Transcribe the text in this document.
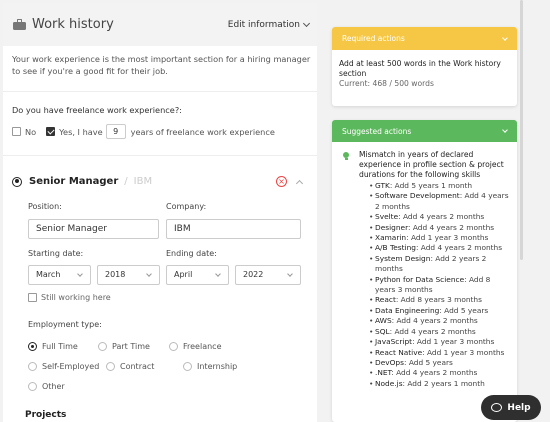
Work history	Edit information
Your work experience is the most important section for a hiring manager to see if you're a good fit for their job.
Do you have freelance work experience?:
No	Yes, I have	9	years of freelance work experience
Senior Manager / IBM	×
Position:	Company:
Senior Manager	IBM
Starting date:	Ending date:
March	2018	April	2022
Still working here
Employment type:
Full Time	Part Time	Freelance
Self-Employed	Contract	Internship
Other
Projects
Required actions
Add at least 500 words in the Work history section
Current: 468 / 500 words
Suggested actions
Mismatch in years of declared experience in profile section & project durations for the following skills
• GTK: Add 5 years 1 month
• Software Development: Add 4 years 2 months
• Svelte: Add 4 years 2 months
• Designer: Add 4 years 2 months
• Xamarin: Add 1 year 3 months
• A/B Testing: Add 4 years 2 months
• System Design: Add 2 years 2 months
• Python for Data Science: Add 8 years 3 months
• React: Add 8 years 3 months
• Data Engineering: Add 5 years
• AWS: Add 4 years 2 months
• SQL: Add 4 years 2 months
• JavaScript: Add 1 year 3 months
• React Native: Add 1 year 3 months
• DevOps: Add 5 years
• .NET: Add 4 years 2 months
• Node.js: Add 2 years 1 month
Help
